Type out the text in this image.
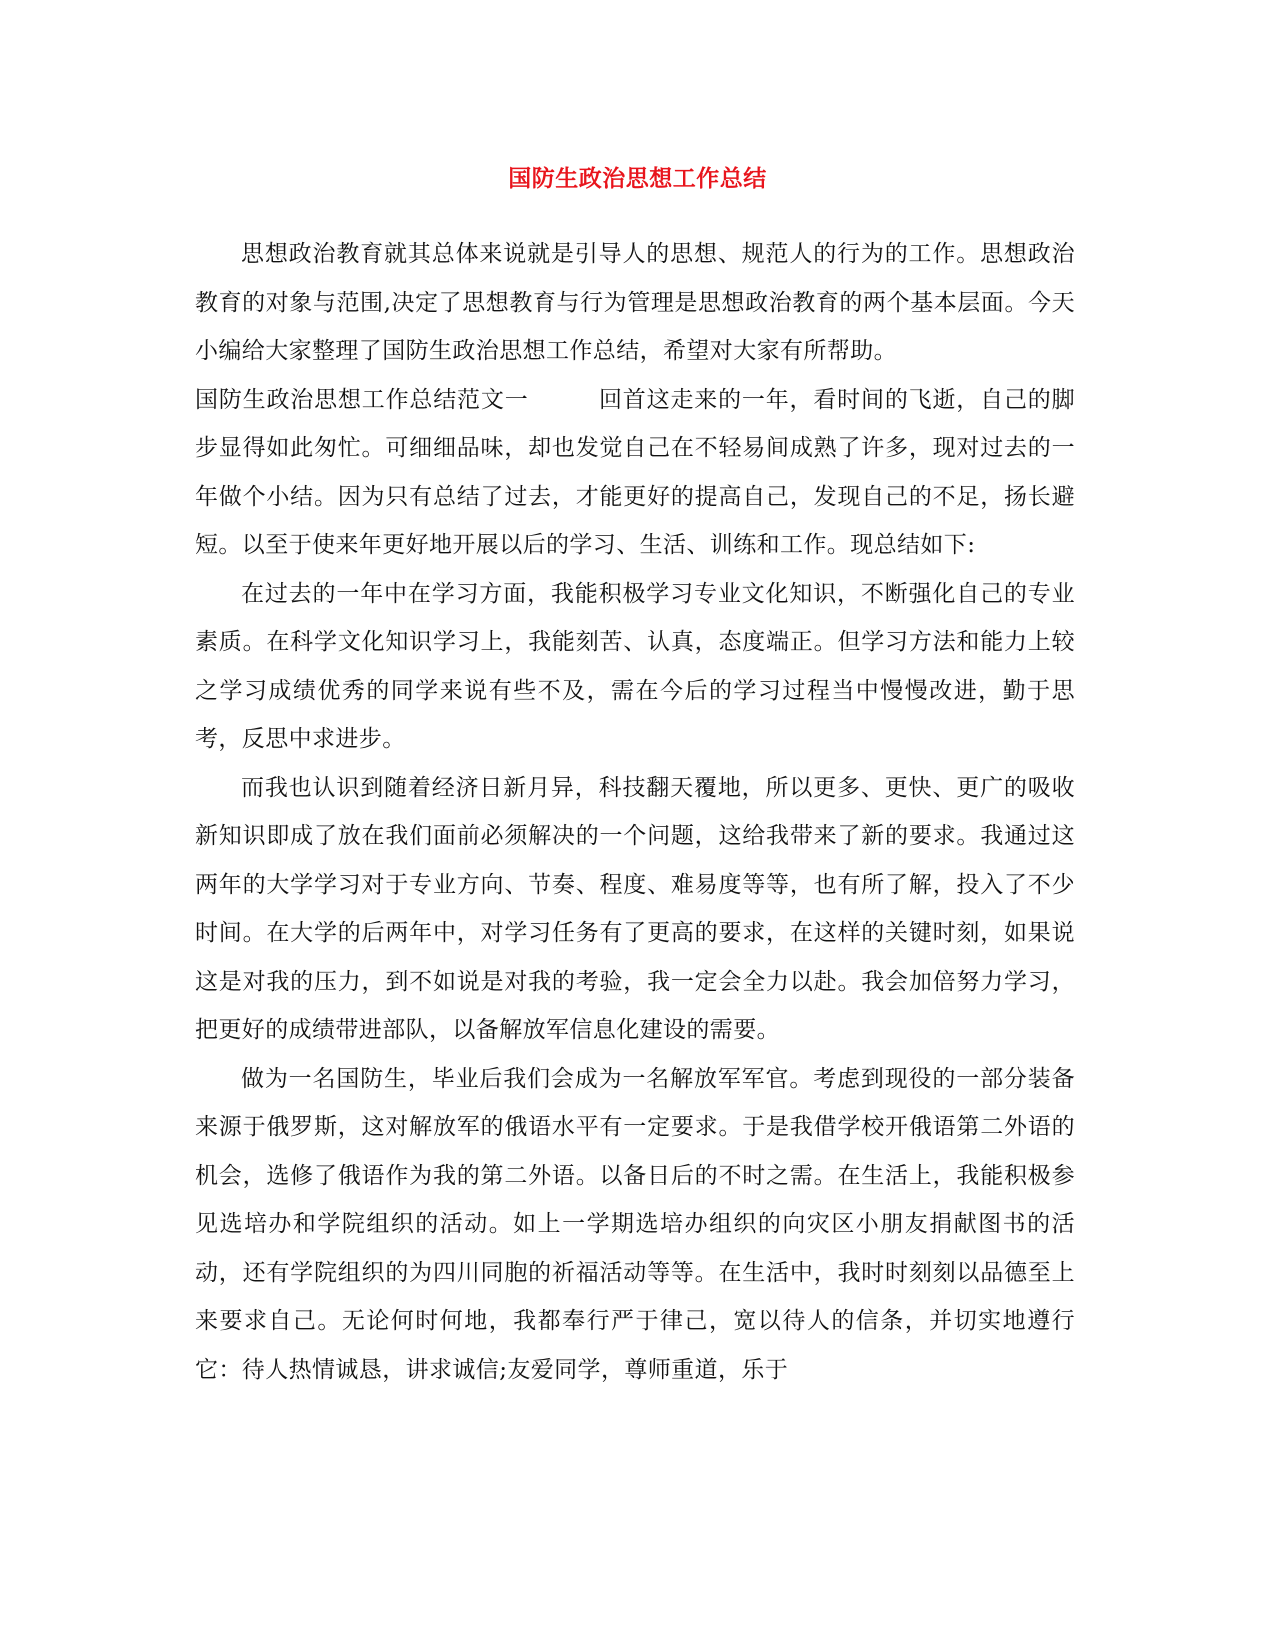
国防生政治思想工作总结

思想政治教育就其总体来说就是引导人的思想、规范人的行为的工作。思想政治教育的对象与范围,决定了思想教育与行为管理是思想政治教育的两个基本层面。今天小编给大家整理了国防生政治思想工作总结，希望对大家有所帮助。

国防生政治思想工作总结范文一	回首这走来的一年，看时间的飞逝，自己的脚步显得如此匆忙。可细细品味，却也发觉自己在不轻易间成熟了许多，现对过去的一年做个小结。因为只有总结了过去，才能更好的提高自己，发现自己的不足，扬长避短。以至于使来年更好地开展以后的学习、生活、训练和工作。现总结如下:

在过去的一年中在学习方面，我能积极学习专业文化知识，不断强化自己的专业素质。在科学文化知识学习上，我能刻苦、认真，态度端正。但学习方法和能力上较之学习成绩优秀的同学来说有些不及，需在今后的学习过程当中慢慢改进，勤于思考，反思中求进步。

而我也认识到随着经济日新月异，科技翻天覆地，所以更多、更快、更广的吸收新知识即成了放在我们面前必须解决的一个问题，这给我带来了新的要求。我通过这两年的大学学习对于专业方向、节奏、程度、难易度等等，也有所了解，投入了不少时间。在大学的后两年中，对学习任务有了更高的要求，在这样的关键时刻，如果说这是对我的压力，到不如说是对我的考验，我一定会全力以赴。我会加倍努力学习，把更好的成绩带进部队，以备解放军信息化建设的需要。

做为一名国防生，毕业后我们会成为一名解放军军官。考虑到现役的一部分装备来源于俄罗斯，这对解放军的俄语水平有一定要求。于是我借学校开俄语第二外语的机会，选修了俄语作为我的第二外语。以备日后的不时之需。在生活上，我能积极参见选培办和学院组织的活动。如上一学期选培办组织的向灾区小朋友捐献图书的活动，还有学院组织的为四川同胞的祈福活动等等。在生活中，我时时刻刻以品德至上来要求自己。无论何时何地，我都奉行严于律己，宽以待人的信条，并切实地遵行它：待人热情诚恳，讲求诚信;友爱同学，尊师重道，乐于
